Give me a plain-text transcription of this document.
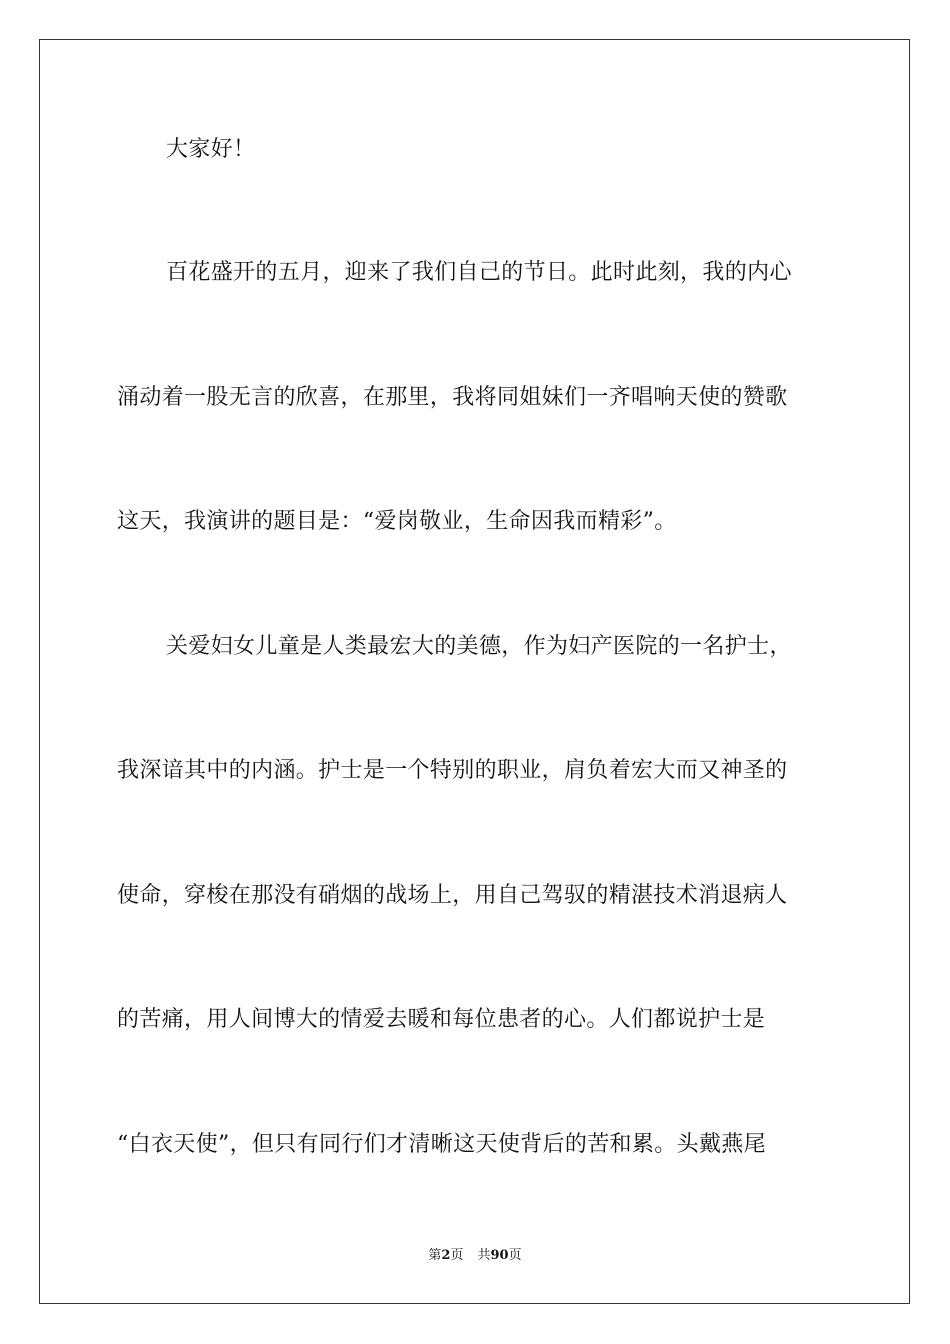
大家好！
百花盛开的五月，迎来了我们自己的节日。此时此刻，我的内心
涌动着一股无言的欣喜，在那里，我将同姐妹们一齐唱响天使的赞歌
这天，我演讲的题目是：“爱岗敬业，生命因我而精彩”。
关爱妇女儿童是人类最宏大的美德，作为妇产医院的一名护士，
我深谙其中的内涵。护士是一个特别的职业，肩负着宏大而又神圣的
使命，穿梭在那没有硝烟的战场上，用自己驾驭的精湛技术消退病人
的苦痛，用人间博大的情爱去暖和每位患者的心。人们都说护士是
“白衣天使”，但只有同行们才清晰这天使背后的苦和累。头戴燕尾
第2页 共90页
